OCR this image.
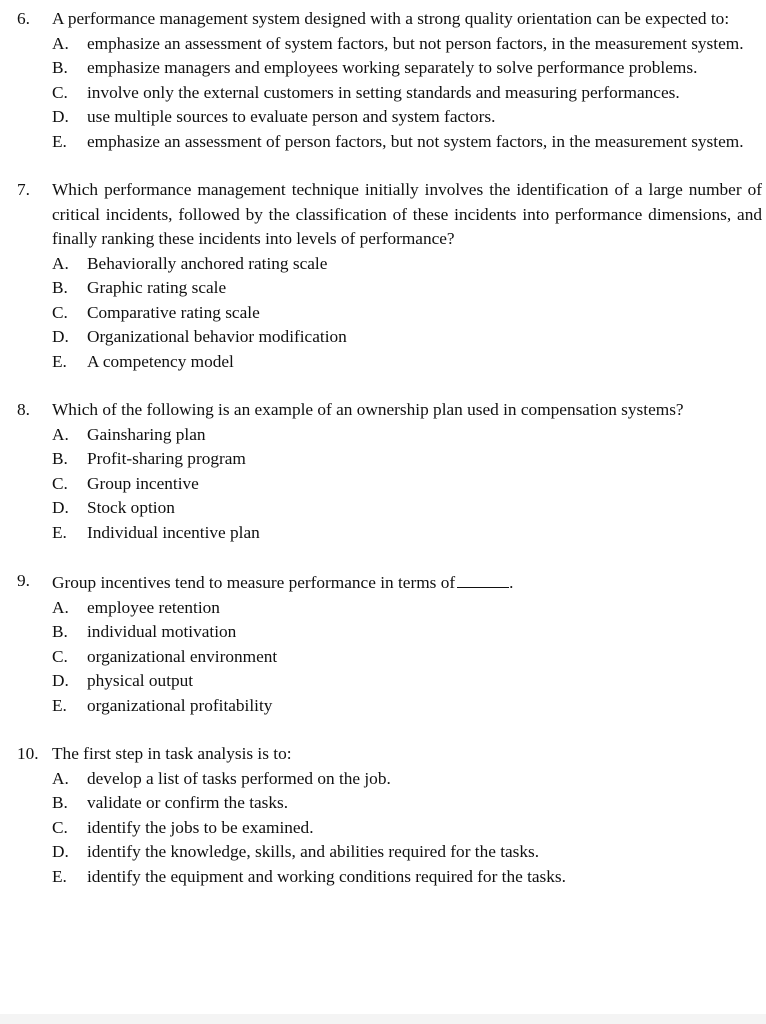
6. A performance management system designed with a strong quality orientation can be expected to:
A. emphasize an assessment of system factors, but not person factors, in the measurement system.
B. emphasize managers and employees working separately to solve performance problems.
C. involve only the external customers in setting standards and measuring performances.
D. use multiple sources to evaluate person and system factors.
E. emphasize an assessment of person factors, but not system factors, in the measurement system.
7. Which performance management technique initially involves the identification of a large number of critical incidents, followed by the classification of these incidents into performance dimensions, and finally ranking these incidents into levels of performance?
A. Behaviorally anchored rating scale
B. Graphic rating scale
C. Comparative rating scale
D. Organizational behavior modification
E. A competency model
8. Which of the following is an example of an ownership plan used in compensation systems?
A. Gainsharing plan
B. Profit-sharing program
C. Group incentive
D. Stock option
E. Individual incentive plan
9. Group incentives tend to measure performance in terms of	.
A. employee retention
B. individual motivation
C. organizational environment
D. physical output
E. organizational profitability
10. The first step in task analysis is to:
A. develop a list of tasks performed on the job.
B. validate or confirm the tasks.
C. identify the jobs to be examined.
D. identify the knowledge, skills, and abilities required for the tasks.
E. identify the equipment and working conditions required for the tasks.
